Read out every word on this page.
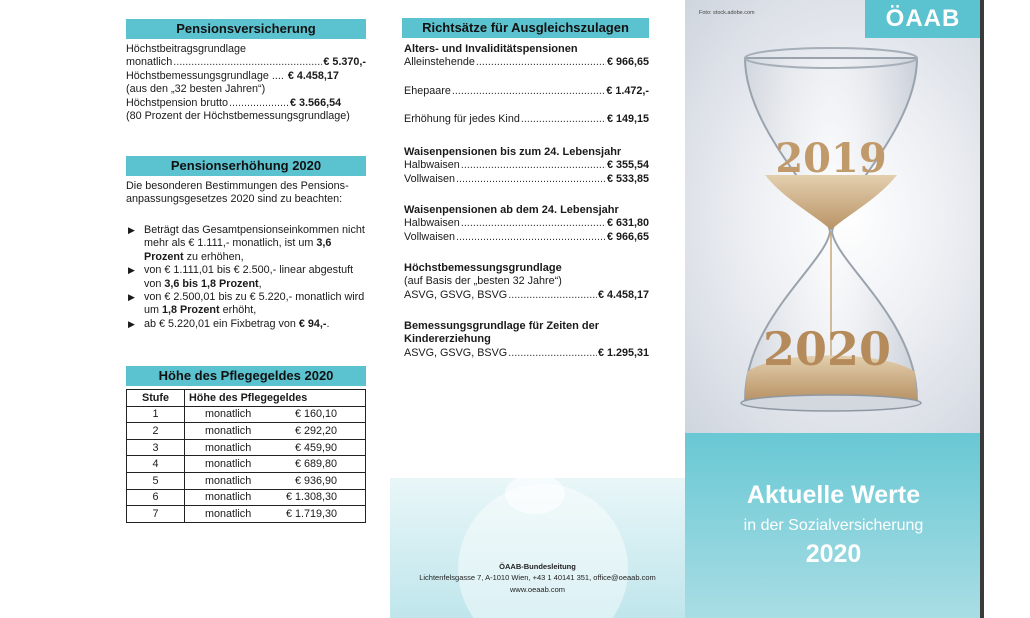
Pensionsversicherung
Höchstbeitragsgrundlage
monatlich .....	€ 5.370,-
Höchstbemessungsgrundlage .... € 4.458,17
(aus den „32 besten Jahren“)
Höchstpension brutto .....	€ 3.566,54
(80 Prozent der Höchstbemessungsgrundlage)
Pensionserhöhung 2020
Die besonderen Bestimmungen des Pensions-anpassungsgesetzes 2020 sind zu beachten:
▶ Beträgt das Gesamtpensionseinkommen nicht mehr als € 1.111,- monatlich, ist um 3,6 Prozent zu erhöhen,
▶ von € 1.111,01 bis € 2.500,- linear abgestuft von 3,6 bis 1,8 Prozent,
▶ von € 2.500,01 bis zu € 5.220,- monatlich wird um 1,8 Prozent erhöht,
▶ ab € 5.220,01 ein Fixbetrag von € 94,-.
Höhe des Pflegegeldes 2020
Stufe	Höhe des Pflegegeldes
1	monatlich € 160,10

2	monatlich € 292,20

3	monatlich € 459,90

4	monatlich € 689,80

5	monatlich € 936,90

6	monatlich € 1.308,30

7	monatlich € 1.719,30
Richtsätze für Ausgleichszulagen
Alters- und Invaliditätspensionen
Alleinstehende .....	€ 966,65
Ehepaare .....	€ 1.472,-
Erhöhung für jedes Kind .....	€ 149,15
Waisenpensionen bis zum 24. Lebensjahr
Halbwaisen .....	€ 355,54
Vollwaisen .....	€ 533,85
Waisenpensionen ab dem 24. Lebensjahr
Halbwaisen .....	€ 631,80
Vollwaisen .....	€ 966,65
Höchstbemessungsgrundlage
(auf Basis der „besten 32 Jahre“)
ASVG, GSVG, BSVG .....	€ 4.458,17
Bemessungsgrundlage für Zeiten der Kindererziehung
ASVG, GSVG, BSVG .....	€ 1.295,31
ÖAAB-Bundesleitung
Lichtenfelsgasse 7, A-1010 Wien, +43 1 40141 351, office@oeaab.com
www.oeaab.com
2019
2020
Foto: stock.adobe.com	ÖAAB
Aktuelle Werte
in der Sozialversicherung
2020
